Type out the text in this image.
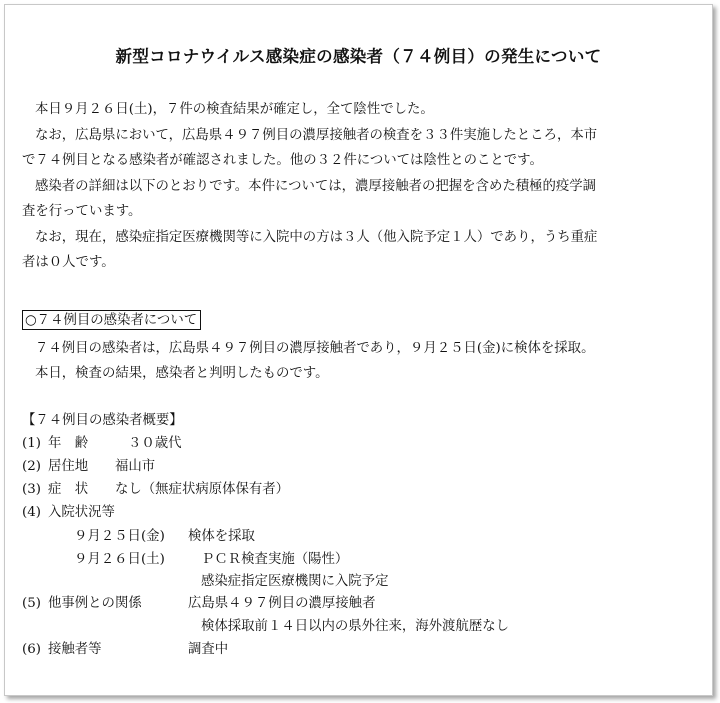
新型コロナウイルス感染症の感染者（７４例目）の発生について
本日９月２６日(土)，７件の検査結果が確定し，全て陰性でした。
なお，広島県において，広島県４９７例目の濃厚接触者の検査を３３件実施したところ，本市
で７４例目となる感染者が確認されました。他の３２件については陰性とのことです。
感染者の詳細は以下のとおりです。本件については，濃厚接触者の把握を含めた積極的疫学調
査を行っています。
なお，現在，感染症指定医療機関等に入院中の方は３人（他入院予定１人）であり，うち重症
者は０人です。
○７４例目の感染者について
７４例目の感染者は，広島県４９７例目の濃厚接触者であり，９月２５日(金)に検体を採取。
本日，検査の結果，感染者と判明したものです。
【７４例目の感染者概要】
(1) 年　齢	３０歳代
(2) 居住地 福山市
(3) 症　状 なし（無症状病原体保有者）
(4) 入院状況等
９月２５日(金) 検体を採取
９月２６日(土)	ＰＣＲ検査実施（陽性）
感染症指定医療機関に入院予定
(5) 他事例との関係	広島県４９７例目の濃厚接触者
検体採取前１４日以内の県外往来，海外渡航歴なし
(6) 接触者等	調査中
